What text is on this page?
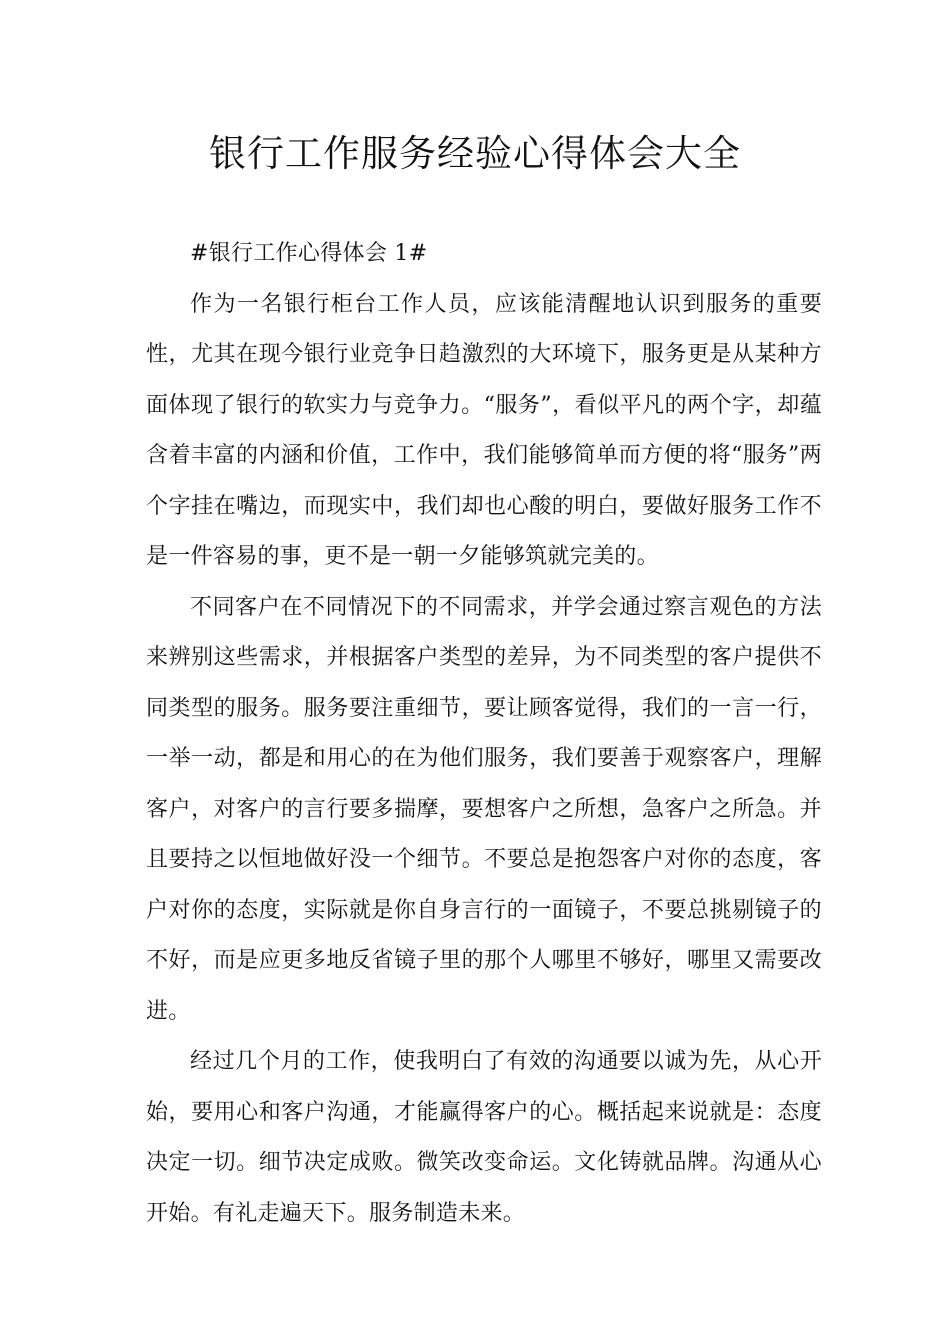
银行工作服务经验心得体会大全

#银行工作心得体会 1#

作为一名银行柜台工作人员，应该能清醒地认识到服务的重要性，尤其在现今银行业竞争日趋激烈的大环境下，服务更是从某种方面体现了银行的软实力与竞争力。“服务”，看似平凡的两个字，却蕴含着丰富的内涵和价值，工作中，我们能够简单而方便的将“服务”两个字挂在嘴边，而现实中，我们却也心酸的明白，要做好服务工作不是一件容易的事，更不是一朝一夕能够筑就完美的。

不同客户在不同情况下的不同需求，并学会通过察言观色的方法来辨别这些需求，并根据客户类型的差异，为不同类型的客户提供不同类型的服务。服务要注重细节，要让顾客觉得，我们的一言一行，一举一动，都是和用心的在为他们服务，我们要善于观察客户，理解客户，对客户的言行要多揣摩，要想客户之所想，急客户之所急。并且要持之以恒地做好没一个细节。不要总是抱怨客户对你的态度，客户对你的态度，实际就是你自身言行的一面镜子，不要总挑剔镜子的不好，而是应更多地反省镜子里的那个人哪里不够好，哪里又需要改进。

经过几个月的工作，使我明白了有效的沟通要以诚为先，从心开始，要用心和客户沟通，才能赢得客户的心。概括起来说就是：态度决定一切。细节决定成败。微笑改变命运。文化铸就品牌。沟通从心开始。有礼走遍天下。服务制造未来。
